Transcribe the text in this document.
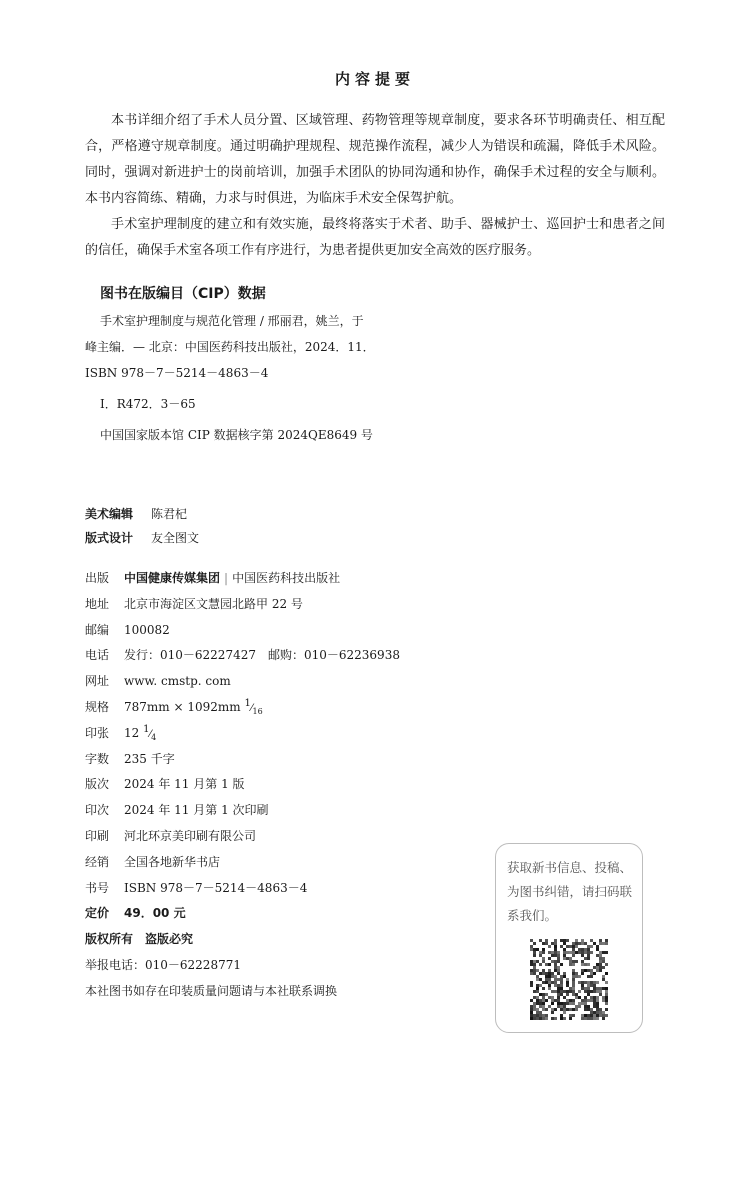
内容提要

本书详细介绍了手术人员分置、区域管理、药物管理等规章制度，要求各环节明确责任、相互配合，严格遵守规章制度。通过明确护理规程、规范操作流程，减少人为错误和疏漏，降低手术风险。同时，强调对新进护士的岗前培训，加强手术团队的协同沟通和协作，确保手术过程的安全与顺利。本书内容简练、精确，力求与时俱进，为临床手术安全保驾护航。

手术室护理制度的建立和有效实施，最终将落实于术者、助手、器械护士、巡回护士和患者之间的信任，确保手术室各项工作有序进行，为患者提供更加安全高效的医疗服务。

图书在版编目（CIP）数据
手术室护理制度与规范化管理 / 邢丽君，姚兰，于
峰主编．— 北京：中国医药科技出版社，2024．11．
ISBN 978－7－5214－4863－4
Ⅰ．R472．3－65
中国国家版本馆 CIP 数据核字第 2024QE8649 号
美术编辑 陈君杞
版式设计 友全图文
出版 中国健康传媒集团 | 中国医药科技出版社
地址 北京市海淀区文慧园北路甲 22 号
邮编 100082
电话 发行：010－62227427　邮购：010－62236938
网址 www. cmstp. com
规格 787mm × 1092mm $1⁄_{16}$
印张 12 $1⁄_4$
字数 235 千字
版次 2024 年 11 月第 1 版
印次 2024 年 11 月第 1 次印刷
印刷 河北环京美印刷有限公司
经销 全国各地新华书店
书号 ISBN 978－7－5214－4863－4
定价 49．00 元
版权所有　盗版必究
举报电话：010－62228771
本社图书如存在印装质量问题请与本社联系调换
获取新书信息、投稿、为图书纠错，请扫码联系我们。
